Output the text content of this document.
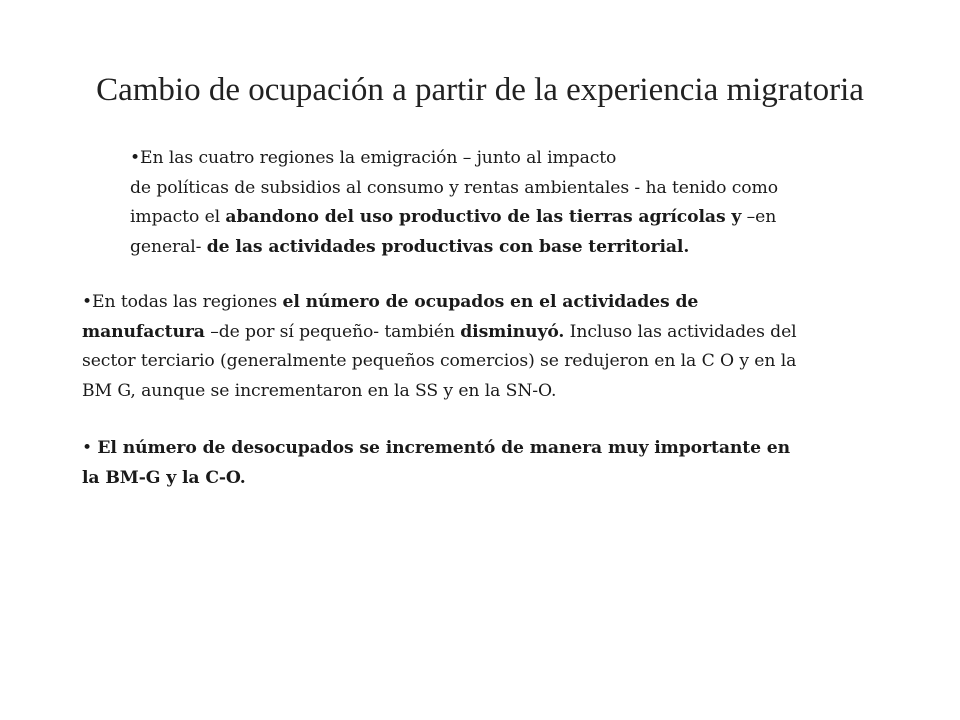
Cambio de ocupación a partir de la experiencia migratoria

•En las cuatro regiones la emigración – junto al impacto
de políticas de subsidios al consumo y rentas ambientales - ha tenido como
impacto el abandono del uso productivo de las tierras agrícolas y –en
general- de las actividades productivas con base territorial.

•En todas las regiones el número de ocupados en el actividades de
manufactura –de por sí pequeño- también disminuyó. Incluso las actividades del
sector terciario (generalmente pequeños comercios) se redujeron en la C O y en la
BM G, aunque se incrementaron en la SS y en la SN-O.

• El número de desocupados se incrementó de manera muy importante en
la BM-G y la C-O.
